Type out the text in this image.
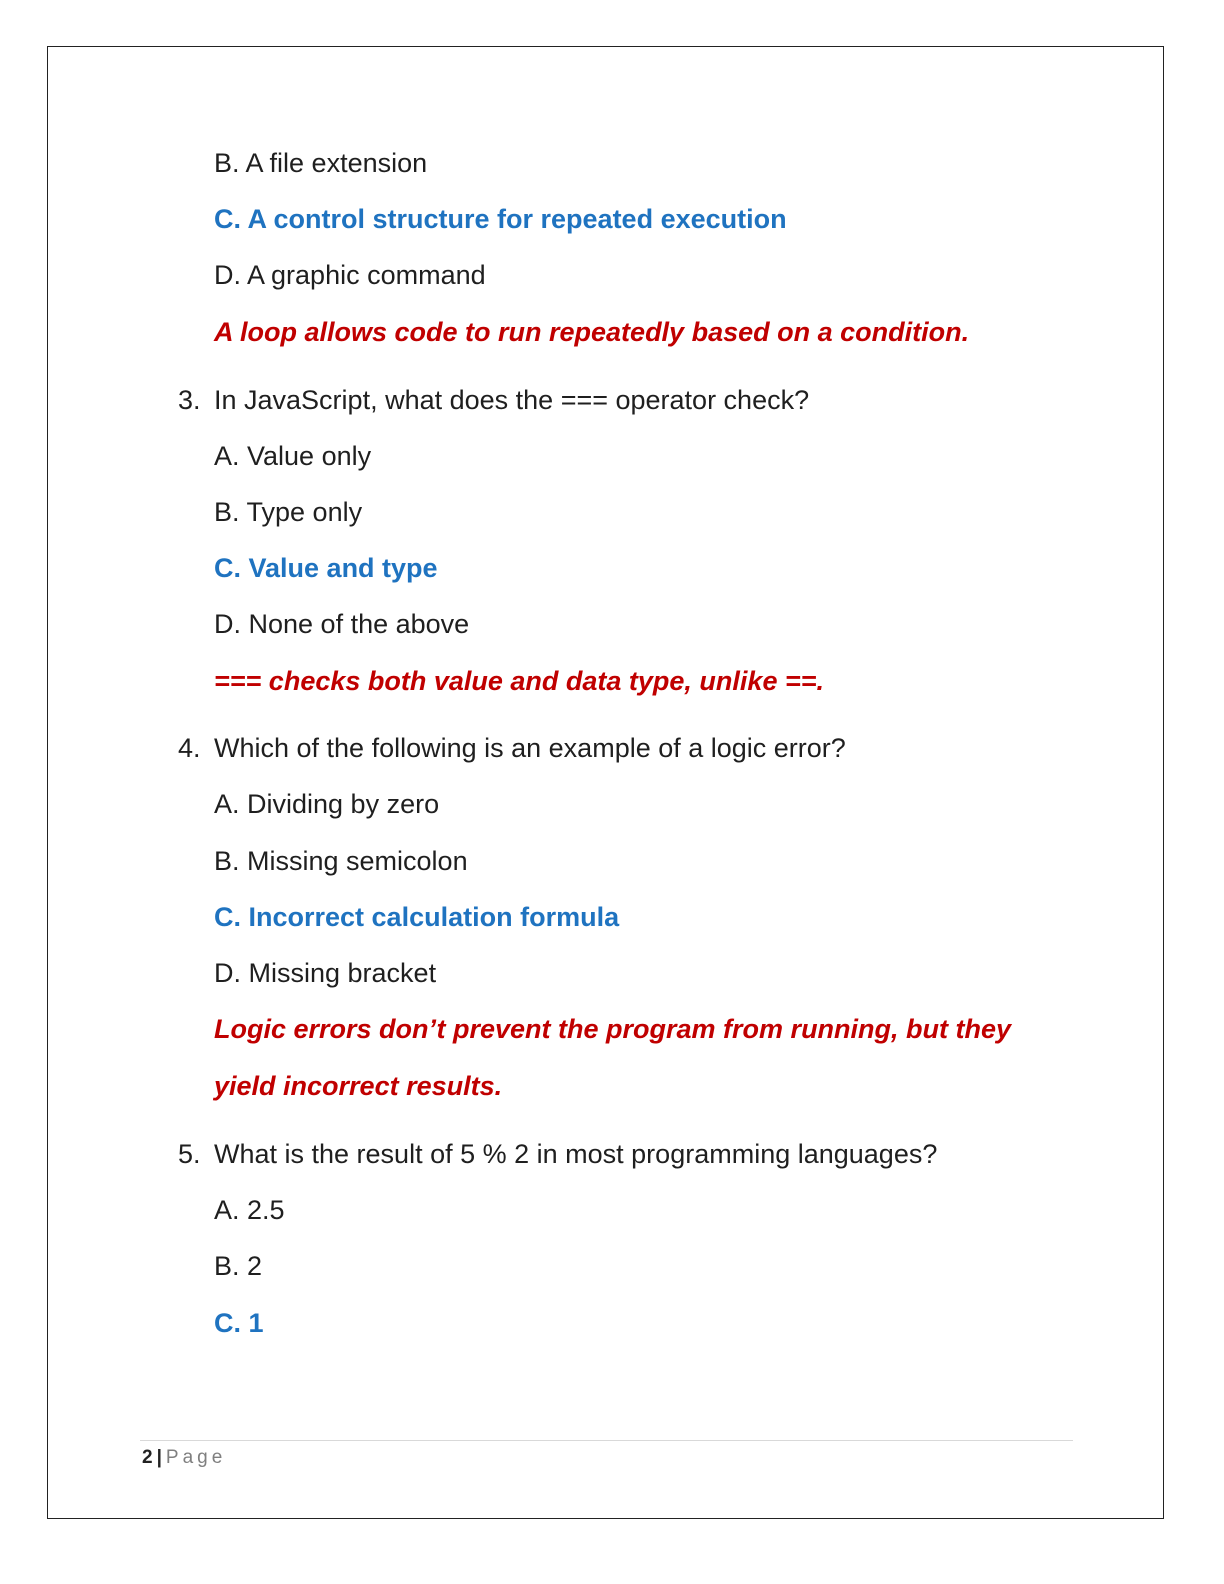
B. A file extension
C. A control structure for repeated execution
D. A graphic command
A loop allows code to run repeatedly based on a condition.
3. In JavaScript, what does the === operator check?
A. Value only
B. Type only
C. Value and type
D. None of the above
=== checks both value and data type, unlike ==.
4. Which of the following is an example of a logic error?
A. Dividing by zero
B. Missing semicolon
C. Incorrect calculation formula
D. Missing bracket
Logic errors don’t prevent the program from running, but they
yield incorrect results.
5. What is the result of 5 % 2 in most programming languages?
A. 2.5
B. 2
C. 1
2 | Page
